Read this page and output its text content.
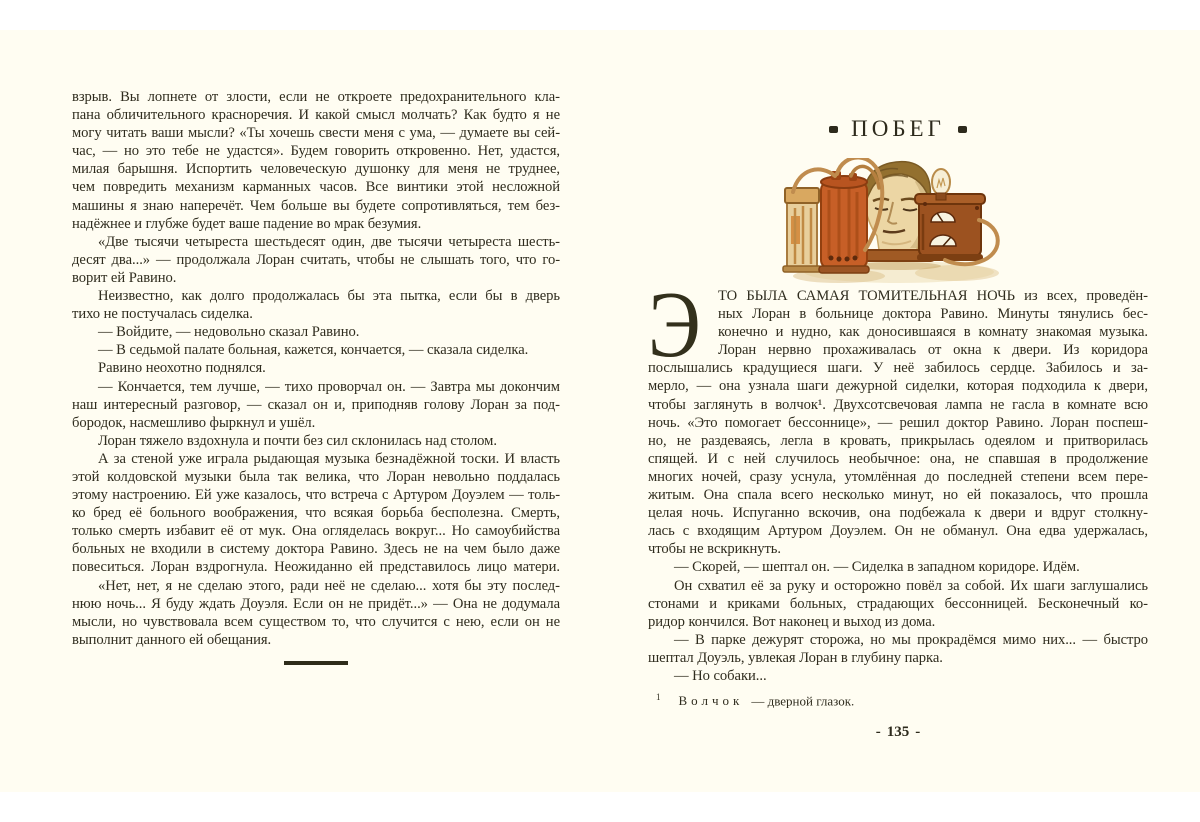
взрыв. Вы лопнете от злости, если не откроете предохранительного кла-
пана обличительного красноречия. И какой смысл молчать? Как будто я не
могу читать ваши мысли? «Ты хочешь свести меня с ума, — думаете вы сей-
час, — но это тебе не удастся». Будем говорить откровенно. Нет, удастся,
милая барышня. Испортить человеческую душонку для меня не труднее,
чем повредить механизм карманных часов. Все винтики этой несложной
машины я знаю наперечёт. Чем больше вы будете сопротивляться, тем без-
надёжнее и глубже будет ваше падение во мрак безумия.
«Две тысячи четыреста шестьдесят один, две тысячи четыреста шесть-
десят два...» — продолжала Лоран считать, чтобы не слышать того, что го-
ворит ей Равино.
Неизвестно, как долго продолжалась бы эта пытка, если бы в дверь
тихо не постучалась сиделка.
— Войдите, — недовольно сказал Равино.
— В седьмой палате больная, кажется, кончается, — сказала сиделка.
Равино неохотно поднялся.
— Кончается, тем лучше, — тихо проворчал он. — Завтра мы докончим
наш интересный разговор, — сказал он и, приподняв голову Лоран за под-
бородок, насмешливо фыркнул и ушёл.
Лоран тяжело вздохнула и почти без сил склонилась над столом.
А за стеной уже играла рыдающая музыка безнадёжной тоски. И власть
этой колдовской музыки была так велика, что Лоран невольно поддалась
этому настроению. Ей уже казалось, что встреча с Артуром Доуэлем — толь-
ко бред её больного воображения, что всякая борьба бесполезна. Смерть,
только смерть избавит её от мук. Она огляделась вокруг... Но самоубийства
больных не входили в систему доктора Равино. Здесь не на чем было даже
повеситься. Лоран вздрогнула. Неожиданно ей представилось лицо матери.
«Нет, нет, я не сделаю этого, ради неё не сделаю... хотя бы эту послед-
нюю ночь... Я буду ждать Доуэля. Если он не придёт...» — Она не додумала
мысли, но чувствовала всем существом то, что случится с нею, если он не
выполнит данного ей обещания.
ПОБЕГ
Э ТО БЫЛА САМАЯ ТОМИТЕЛЬНАЯ НОЧЬ из всех, проведён-
ных Лоран в больнице доктора Равино. Минуты тянулись бес-
конечно и нудно, как доносившаяся в комнату знакомая музыка.
Лоран нервно прохаживалась от окна к двери. Из коридора
послышались крадущиеся шаги. У неё забилось сердце. Забилось и за-
мерло, — она узнала шаги дежурной сиделки, которая подходила к двери,
чтобы заглянуть в волчок¹. Двухсотсвечовая лампа не гасла в комнате всю
ночь. «Это помогает бессоннице», — решил доктор Равино. Лоран поспеш-
но, не раздеваясь, легла в кровать, прикрылась одеялом и притворилась
спящей. И с ней случилось необычное: она, не спавшая в продолжение
многих ночей, сразу уснула, утомлённая до последней степени всем пере-
житым. Она спала всего несколько минут, но ей показалось, что прошла
целая ночь. Испуганно вскочив, она подбежала к двери и вдруг столкну-
лась с входящим Артуром Доуэлем. Он не обманул. Она едва удержалась,
чтобы не вскрикнуть.
— Скорей, — шептал он. — Сиделка в западном коридоре. Идём.
Он схватил её за руку и осторожно повёл за собой. Их шаги заглушались
стонами и криками больных, страдающих бессонницей. Бесконечный ко-
ридор кончился. Вот наконец и выход из дома.
— В парке дежурят сторожа, но мы прокрадёмся мимо них... — быстро
шептал Доуэль, увлекая Лоран в глубину парка.
— Но собаки...
$^1$ Волчок — дверной глазок.
- 135 -
